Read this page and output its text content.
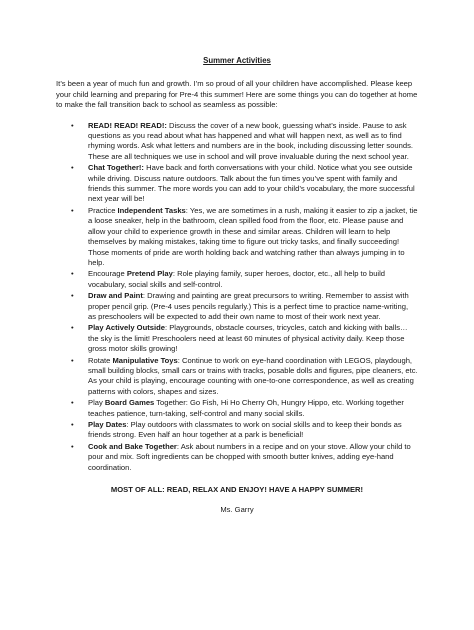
Summer Activities

It’s been a year of much fun and growth. I’m so proud of all your children have accomplished. Please keep your child learning and preparing for Pre-4 this summer! Here are some things you can do together at home to make the fall transition back to school as seamless as possible:

• READ! READ! READ!: Discuss the cover of a new book, guessing what’s inside. Pause to ask questions as you read about what has happened and what will happen next, as well as to find rhyming words. Ask what letters and numbers are in the book, including discussing letter sounds. These are all techniques we use in school and will prove invaluable during the next school year.
• Chat Together!: Have back and forth conversations with your child. Notice what you see outside while driving. Discuss nature outdoors. Talk about the fun times you’ve spent with family and friends this summer. The more words you can add to your child’s vocabulary, the more successful next year will be!
• Practice Independent Tasks: Yes, we are sometimes in a rush, making it easier to zip a jacket, tie a loose sneaker, help in the bathroom, clean spilled food from the floor, etc. Please pause and allow your child to experience growth in these and similar areas. Children will learn to help themselves by making mistakes, taking time to figure out tricky tasks, and finally succeeding! Those moments of pride are worth holding back and watching rather than always jumping in to help.
• Encourage Pretend Play: Role playing family, super heroes, doctor, etc., all help to build vocabulary, social skills and self-control.
• Draw and Paint: Drawing and painting are great precursors to writing. Remember to assist with proper pencil grip. (Pre-4 uses pencils regularly.) This is a perfect time to practice name-writing, as preschoolers will be expected to add their own name to most of their work next year.
• Play Actively Outside: Playgrounds, obstacle courses, tricycles, catch and kicking with balls… the sky is the limit! Preschoolers need at least 60 minutes of physical activity daily. Keep those gross motor skills growing!
• Rotate Manipulative Toys: Continue to work on eye-hand coordination with LEGOS, playdough, small building blocks, small cars or trains with tracks, posable dolls and figures, pipe cleaners, etc. As your child is playing, encourage counting with one-to-one correspondence, as well as creating patterns with colors, shapes and sizes.
• Play Board Games Together: Go Fish, Hi Ho Cherry Oh, Hungry Hippo, etc. Working together teaches patience, turn-taking, self-control and many social skills.
• Play Dates: Play outdoors with classmates to work on social skills and to keep their bonds as friends strong. Even half an hour together at a park is beneficial!
• Cook and Bake Together: Ask about numbers in a recipe and on your stove. Allow your child to pour and mix. Soft ingredients can be chopped with smooth butter knives, adding eye-hand coordination.

MOST OF ALL: READ, RELAX AND ENJOY! HAVE A HAPPY SUMMER!

Ms. Garry
